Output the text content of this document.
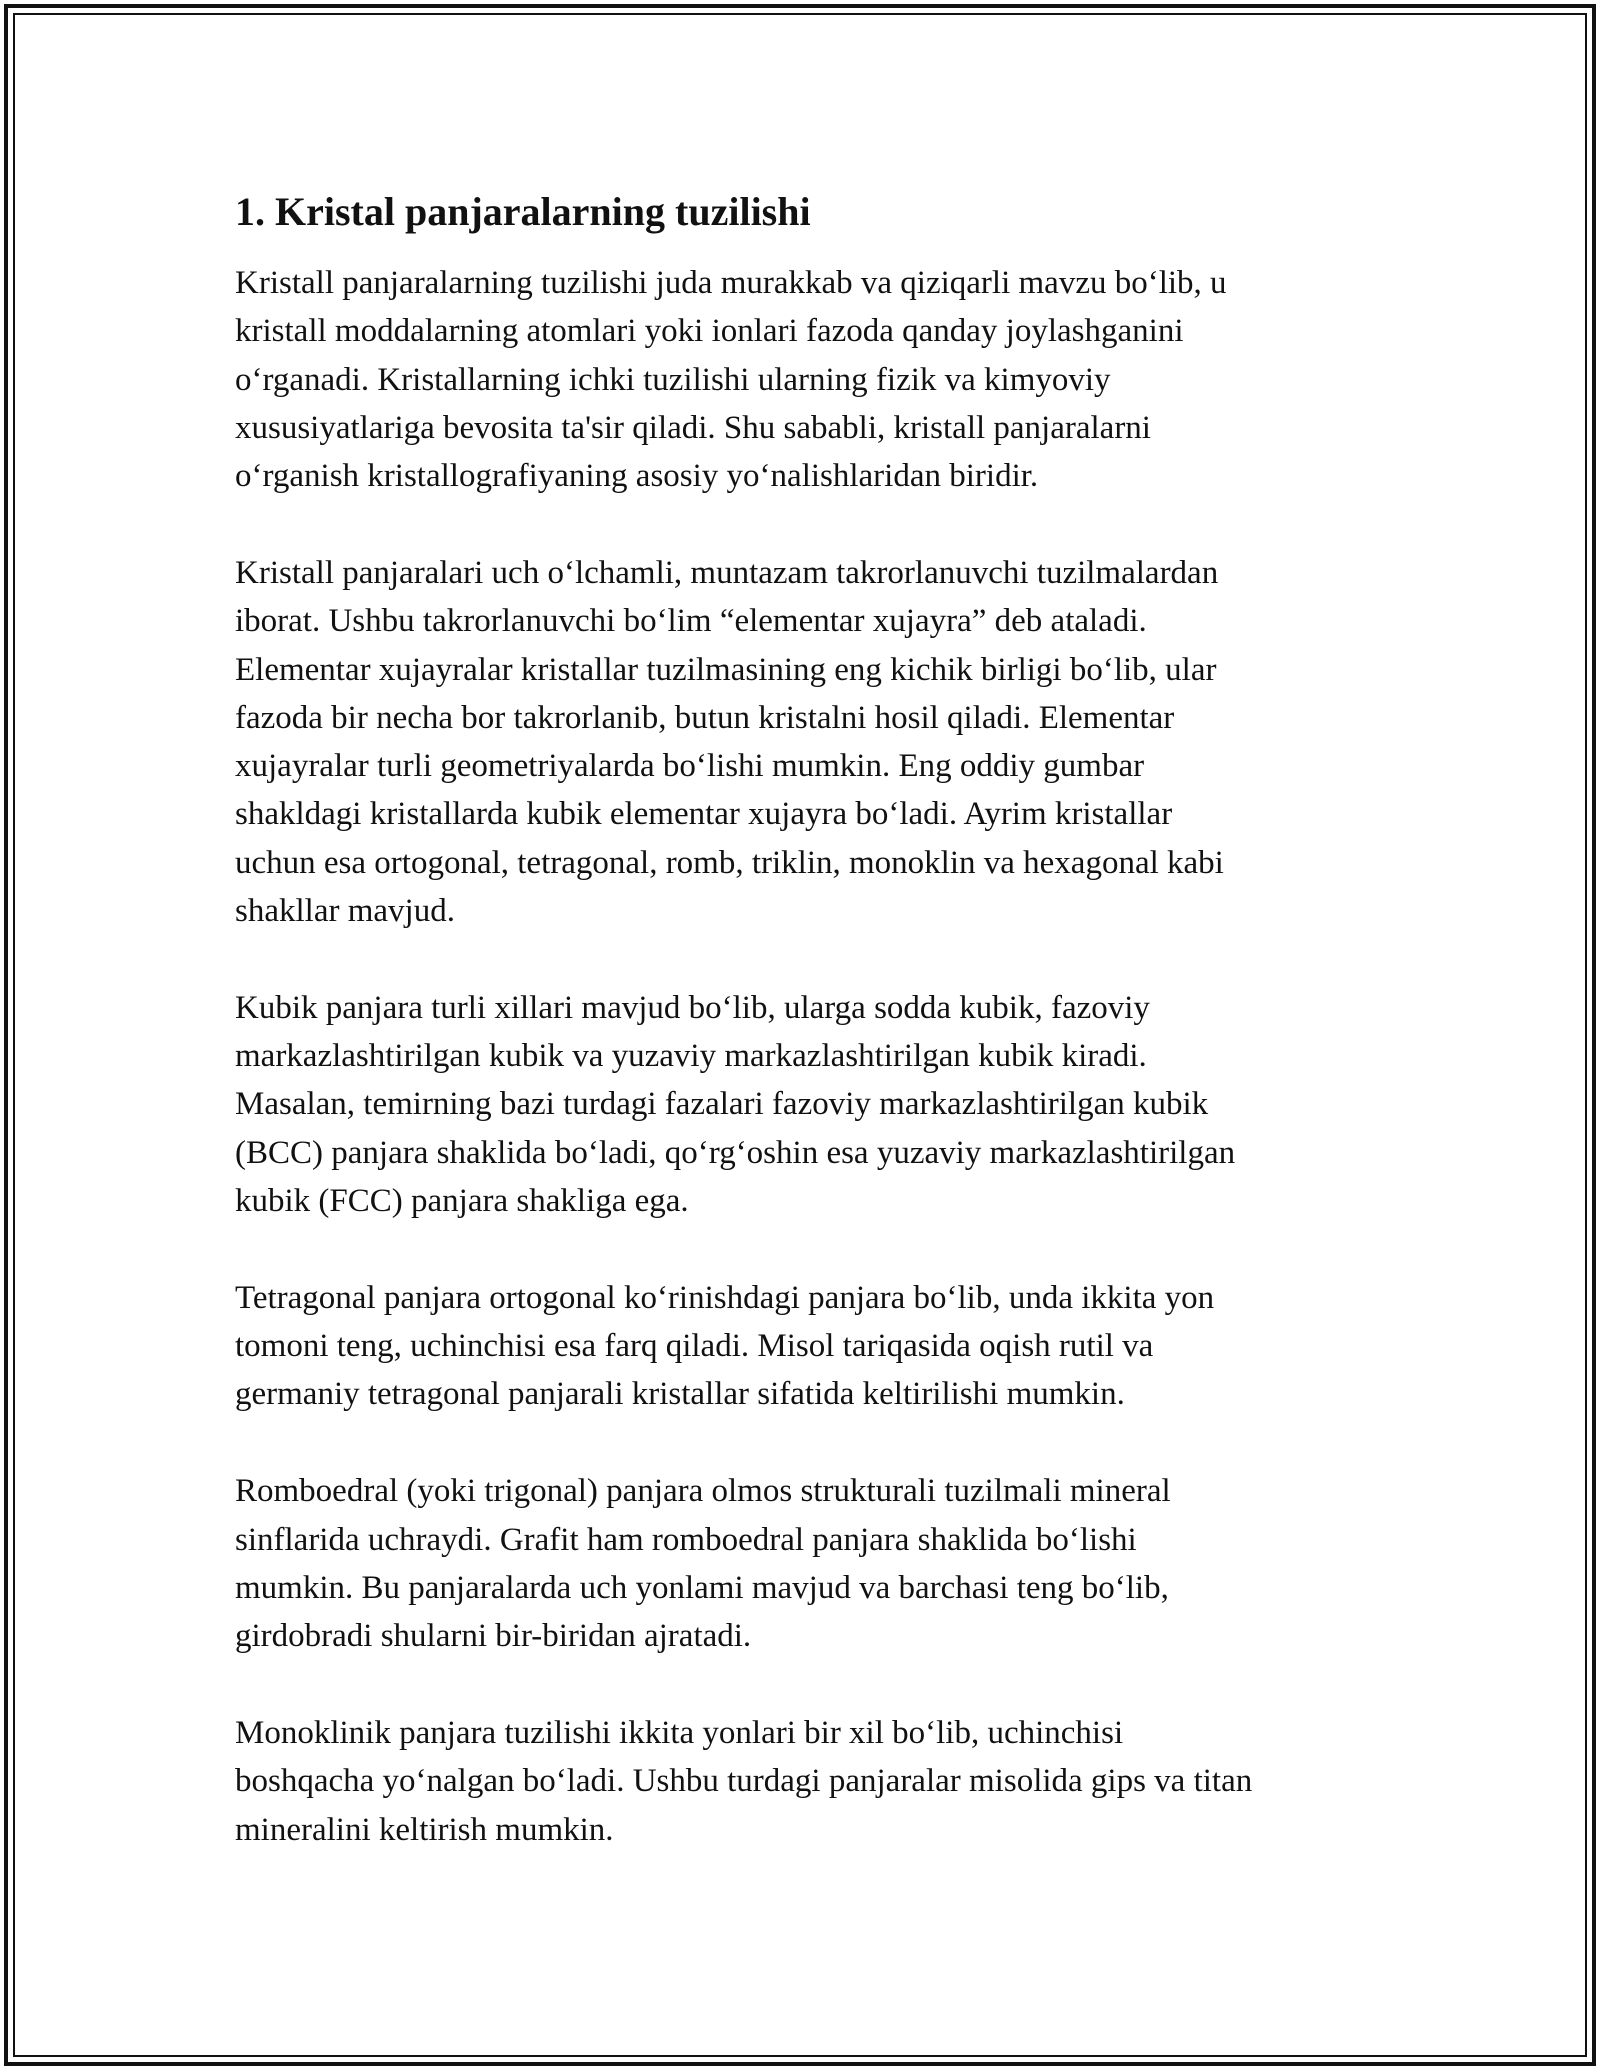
1. Kristal panjaralarning tuzilishi

Kristall panjaralarning tuzilishi juda murakkab va qiziqarli mavzu bo‘lib, u
kristall moddalarning atomlari yoki ionlari fazoda qanday joylashganini
o‘rganadi. Kristallarning ichki tuzilishi ularning fizik va kimyoviy
xususiyatlariga bevosita ta'sir qiladi. Shu sababli, kristall panjaralarni
o‘rganish kristallografiyaning asosiy yo‘nalishlaridan biridir.

Kristall panjaralari uch o‘lchamli, muntazam takrorlanuvchi tuzilmalardan
iborat. Ushbu takrorlanuvchi bo‘lim “elementar xujayra” deb ataladi.
Elementar xujayralar kristallar tuzilmasining eng kichik birligi bo‘lib, ular
fazoda bir necha bor takrorlanib, butun kristalni hosil qiladi. Elementar
xujayralar turli geometriyalarda bo‘lishi mumkin. Eng oddiy gumbar
shakldagi kristallarda kubik elementar xujayra bo‘ladi. Ayrim kristallar
uchun esa ortogonal, tetragonal, romb, triklin, monoklin va hexagonal kabi
shakllar mavjud.

Kubik panjara turli xillari mavjud bo‘lib, ularga sodda kubik, fazoviy
markazlashtirilgan kubik va yuzaviy markazlashtirilgan kubik kiradi.
Masalan, temirning bazi turdagi fazalari fazoviy markazlashtirilgan kubik
(BCC) panjara shaklida bo‘ladi, qo‘rg‘oshin esa yuzaviy markazlashtirilgan
kubik (FCC) panjara shakliga ega.

Tetragonal panjara ortogonal ko‘rinishdagi panjara bo‘lib, unda ikkita yon
tomoni teng, uchinchisi esa farq qiladi. Misol tariqasida oqish rutil va
germaniy tetragonal panjarali kristallar sifatida keltirilishi mumkin.

Romboedral (yoki trigonal) panjara olmos strukturali tuzilmali mineral
sinflarida uchraydi. Grafit ham romboedral panjara shaklida bo‘lishi
mumkin. Bu panjaralarda uch yonlami mavjud va barchasi teng bo‘lib,
girdobradi shularni bir-biridan ajratadi.

Monoklinik panjara tuzilishi ikkita yonlari bir xil bo‘lib, uchinchisi
boshqacha yo‘nalgan bo‘ladi. Ushbu turdagi panjaralar misolida gips va titan
mineralini keltirish mumkin.
